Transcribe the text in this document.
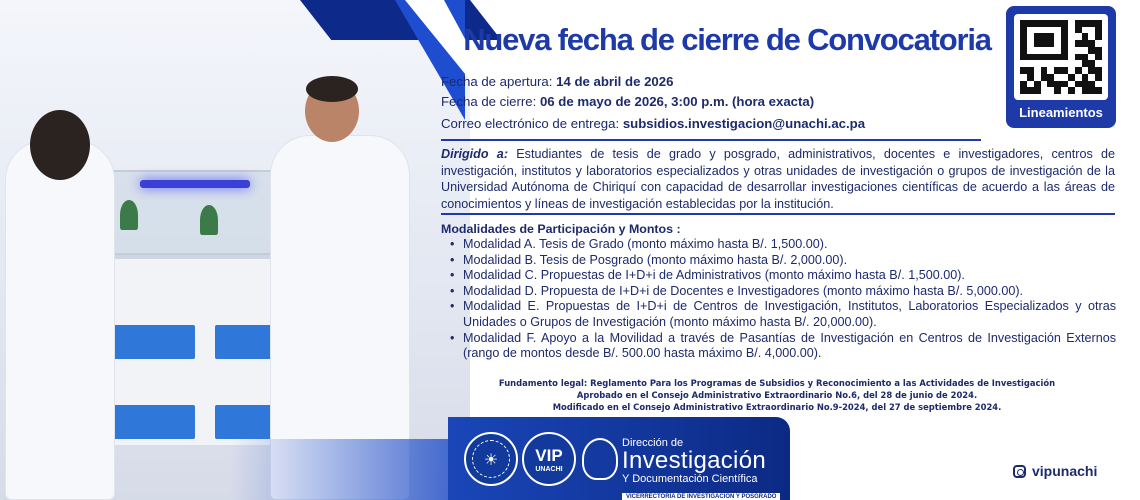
Nueva fecha de cierre de Convocatoria
Lineamientos
Fecha de apertura: 14 de abril de 2026
Fecha de cierre: 06 de mayo de 2026, 3:00 p.m. (hora exacta)
Correo electrónico de entrega: subsidios.investigacion@unachi.ac.pa
Dirigido a: Estudiantes de tesis de grado y posgrado, administrativos, docentes e investigadores, centros de investigación, institutos y laboratorios especializados y otras unidades de investigación o grupos de investigación de la Universidad Autónoma de Chiriquí con capacidad de desarrollar investigaciones científicas de acuerdo a las áreas de conocimientos y líneas de investigación establecidas por la institución.
Modalidades de Participación y Montos :
• Modalidad A. Tesis de Grado (monto máximo hasta B/. 1,500.00).
• Modalidad B. Tesis de Posgrado (monto máximo hasta B/. 2,000.00).
• Modalidad C. Propuestas de I+D+i de Administrativos (monto máximo hasta B/. 1,500.00).
• Modalidad D. Propuesta de I+D+i de Docentes e Investigadores (monto máximo hasta B/. 5,000.00).
• Modalidad E. Propuestas de I+D+i de Centros de Investigación, Institutos, Laboratorios Especializados y otras Unidades o Grupos de Investigación (monto máximo hasta B/. 20,000.00).
• Modalidad F. Apoyo a la Movilidad a través de Pasantías de Investigación en Centros de Investigación Externos (rango de montos desde B/. 500.00 hasta máximo B/. 4,000.00).
Fundamento legal: Reglamento Para los Programas de Subsidios y Reconocimiento a las Actividades de Investigación
Aprobado en el Consejo Administrativo Extraordinario No.6, del 28 de junio de 2024.
Modificado en el Consejo Administrativo Extraordinario No.9-2024, del 27 de septiembre 2024.
☀	VIP
UNACHI
Dirección de
Investigación
Y Documentación Científica
VICERRECTORÍA DE INVESTIGACIÓN Y POSGRADO
vipunachi
